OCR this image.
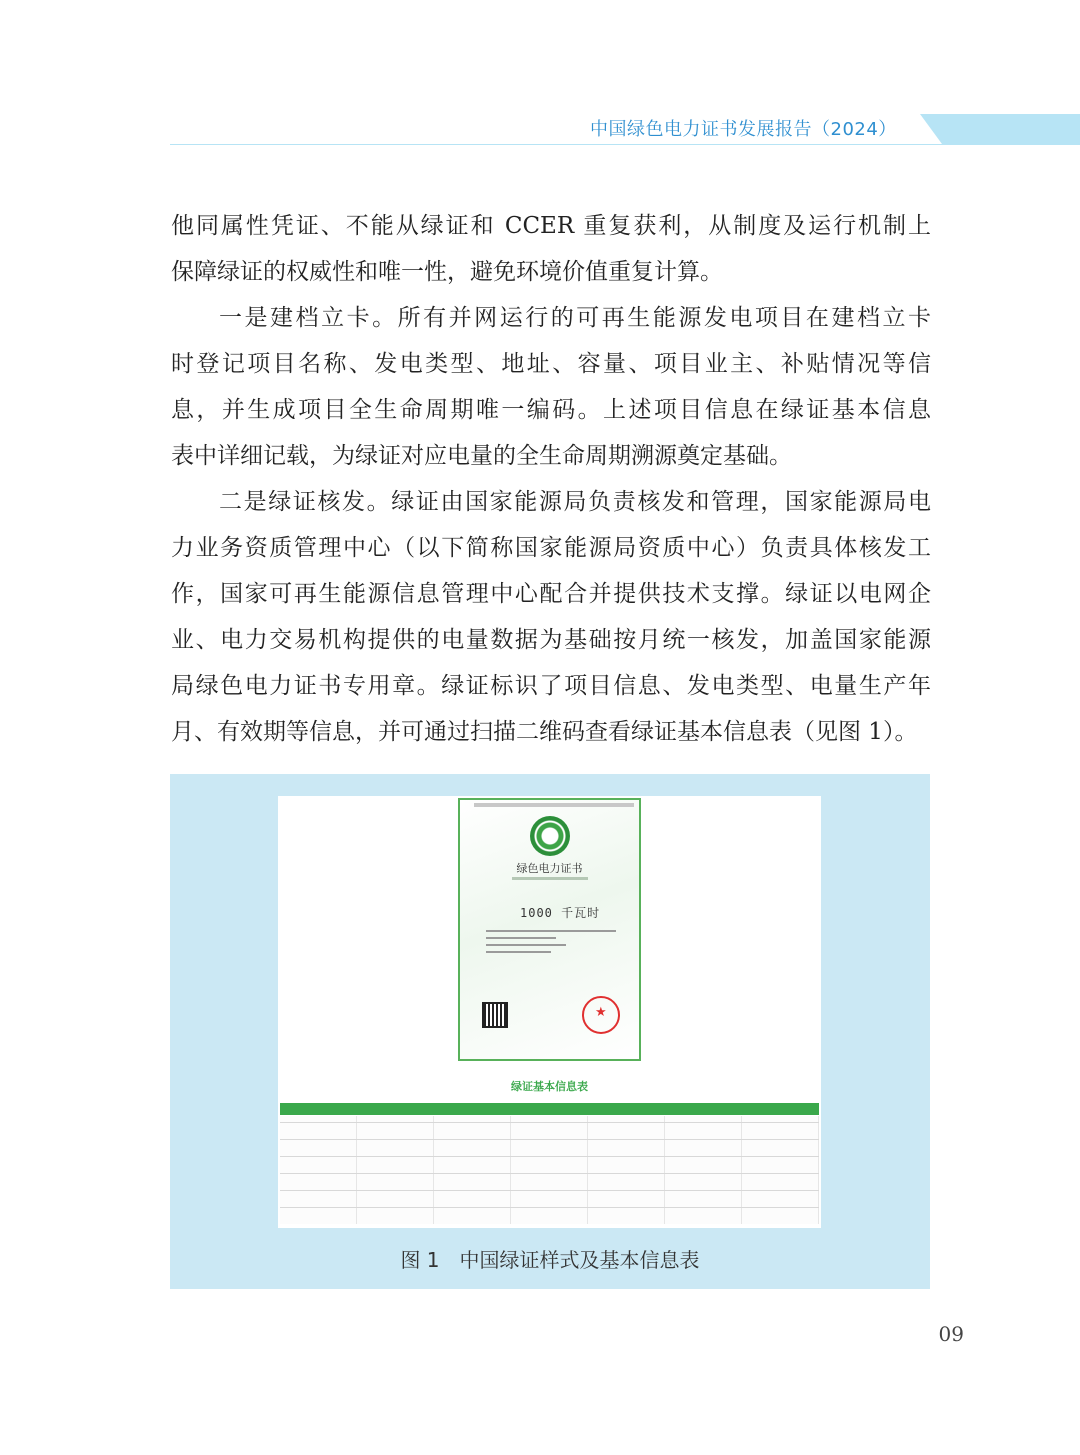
中国绿色电力证书发展报告（2024）

他同属性凭证、不能从绿证和 CCER 重复获利，从制度及运行机制上

保障绿证的权威性和唯一性，避免环境价值重复计算。

一是建档立卡。所有并网运行的可再生能源发电项目在建档立卡

时登记项目名称、发电类型、地址、容量、项目业主、补贴情况等信

息，并生成项目全生命周期唯一编码。上述项目信息在绿证基本信息

表中详细记载，为绿证对应电量的全生命周期溯源奠定基础。

二是绿证核发。绿证由国家能源局负责核发和管理，国家能源局电

力业务资质管理中心（以下简称国家能源局资质中心）负责具体核发工

作，国家可再生能源信息管理中心配合并提供技术支撑。绿证以电网企

业、电力交易机构提供的电量数据为基础按月统一核发，加盖国家能源

局绿色电力证书专用章。绿证标识了项目信息、发电类型、电量生产年

月、有效期等信息，并可通过扫描二维码查看绿证基本信息表（见图 1）。

绿色电力证书
1000 千瓦时
★
绿证基本信息表
图 1　中国绿证样式及基本信息表
09
